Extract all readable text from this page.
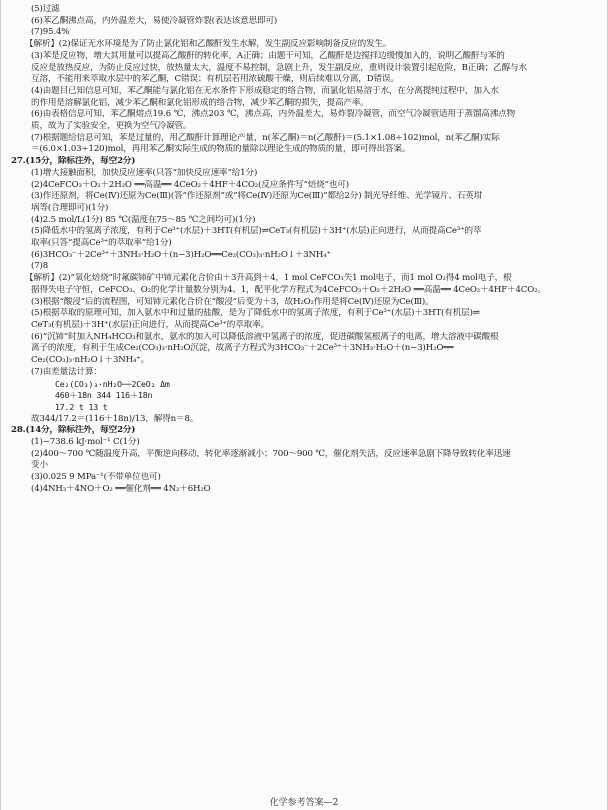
(5)过滤
(6)苯乙酮沸点高，内外温差大，易使冷凝管炸裂(表达该意思即可)
(7)95.4%
【解析】(2)保证无水环境是为了防止氯化铝和乙酸酐发生水解，发生副反应影响制备反应的发生。
(3)苯是反应物，增大其用量可以提高乙酸酐的转化率，A正确；由题干可知，乙酸酐是边搅拌边缓慢加入的，说明乙酸酐与苯的
反应是放热反应，为防止反应过快，放热量太大，温度不易控制，急剧上升，发生副反应，重则设计装置引起危险，B正确；乙醇与水
互溶，不能用来萃取水层中的苯乙酮，C错误；有机层若用浓硫酸干燥，则后续难以分离，D错误。
(4)由题目已知信息可知，苯乙酮能与氯化铝在无水条件下形成稳定的络合物，而氯化铝易溶于水，在分离提纯过程中，加入水
的作用是溶解氯化铝，减少苯乙酮和氯化铝形成的络合物，减少苯乙酮的损失，提高产率。
(6)由表格信息可知，苯乙酮熔点19.6 ℃，沸点203 ℃，沸点高，内外温差大，易炸裂冷凝管，而空气冷凝管适用于蒸馏高沸点物
质，故为了实验安全，更换为空气冷凝管。
(7)根据题给信息可知，苯是过量的，用乙酸酐计算理论产量，n(苯乙酮)＝n(乙酸酐)＝(5.1×1.08÷102)mol，n(苯乙酮)实际
＝(6.0×1.03÷120)mol，再用苯乙酮实际生成的物质的量除以理论生成的物质的量，即可得出答案。
27.(15分，除标注外，每空2分)
(1)增大接触面积，加快反应速率(只答“加快反应速率”给1分)
(2)4CeFCO₃＋O₂＋2H₂O ══高温══ 4CeO₂＋4HF＋4CO₂(反应条件写“焙烧”也可)
(3)作还原剂，将Ce(Ⅳ)还原为Ce(Ⅲ)(答“作还原剂”或“将Ce(Ⅳ)还原为Ce(Ⅲ)”都给2分) 制光导纤维、光学镜片、石英坩
埚等(合理即可)(1分)
(4)2.5 mol/L(1分) 85 ℃(温度在75～85 ℃之间均可)(1分)
(5)降低水中的氢离子浓度，有利于Ce³⁺(水层)＋3HT(有机层)⇌CeT₃(有机层)＋3H⁺(水层)正向进行，从而提高Ce³⁺的萃
取率(只答“提高Ce³⁺的萃取率”给1分)
(6)3HCO₃⁻＋2Ce³⁺＋3NH₃·H₂O＋(n−3)H₂O══Ce₂(CO₃)₃·nH₂O↓＋3NH₄⁺
(7)8
【解析】(2)“氧化焙烧”时氟碳铈矿中铈元素化合价由＋3升高到＋4，1 mol CeFCO₃失1 mol电子，而1 mol O₂得4 mol电子，根
据得失电子守恒，CeFCO₃、O₂的化学计量数分别为4、1，配平化学方程式为4CeFCO₃＋O₂＋2H₂O ══高温══ 4CeO₂＋4HF＋4CO₂。
(3)根据“酸浸”后的流程图，可知铈元素化合价在“酸浸”后变为＋3，故H₂O₂作用是将Ce(Ⅳ)还原为Ce(Ⅲ)。
(5)根据萃取的原理可知，加入氨水中和过量的盐酸，是为了降低水中的氢离子浓度，有利于Ce³⁺(水层)＋3HT(有机层)⇌
CeT₃(有机层)＋3H⁺(水层)正向进行，从而提高Ce³⁺的萃取率。
(6)“沉铈”时加入NH₄HCO₃和氨水，氨水的加入可以降低溶液中氢离子的浓度，促进碳酸氢根离子的电离，增大溶液中碳酸根
离子的浓度，有利于生成Ce₂(CO₃)₃·nH₂O沉淀，故离子方程式为3HCO₃⁻＋2Ce³⁺＋3NH₃·H₂O＋(n−3)H₂O══
Ce₂(CO₃)₃·nH₂O↓＋3NH₄⁺。
(7)由差量法计算：
Ce₂(CO₃)₃·nH₂O──2CeO₂ Δm
460＋18n 344 116＋18n
17.2 t 13 t
故344/17.2＝(116＋18n)/13，解得n＝8。
28.(14分，除标注外，每空2分)
(1)−738.6 kJ·mol⁻¹ C(1分)
(2)400～700 ℃随温度升高，平衡逆向移动，转化率逐渐减小；700～900 ℃，催化剂失活，反应速率急剧下降导致转化率迅速
变小
(3)0.025 9 MPa⁻¹(不带单位也可)
(4)4NH₃＋4NO＋O₂ ══催化剂══ 4N₂＋6H₂O
化学参考答案—2
